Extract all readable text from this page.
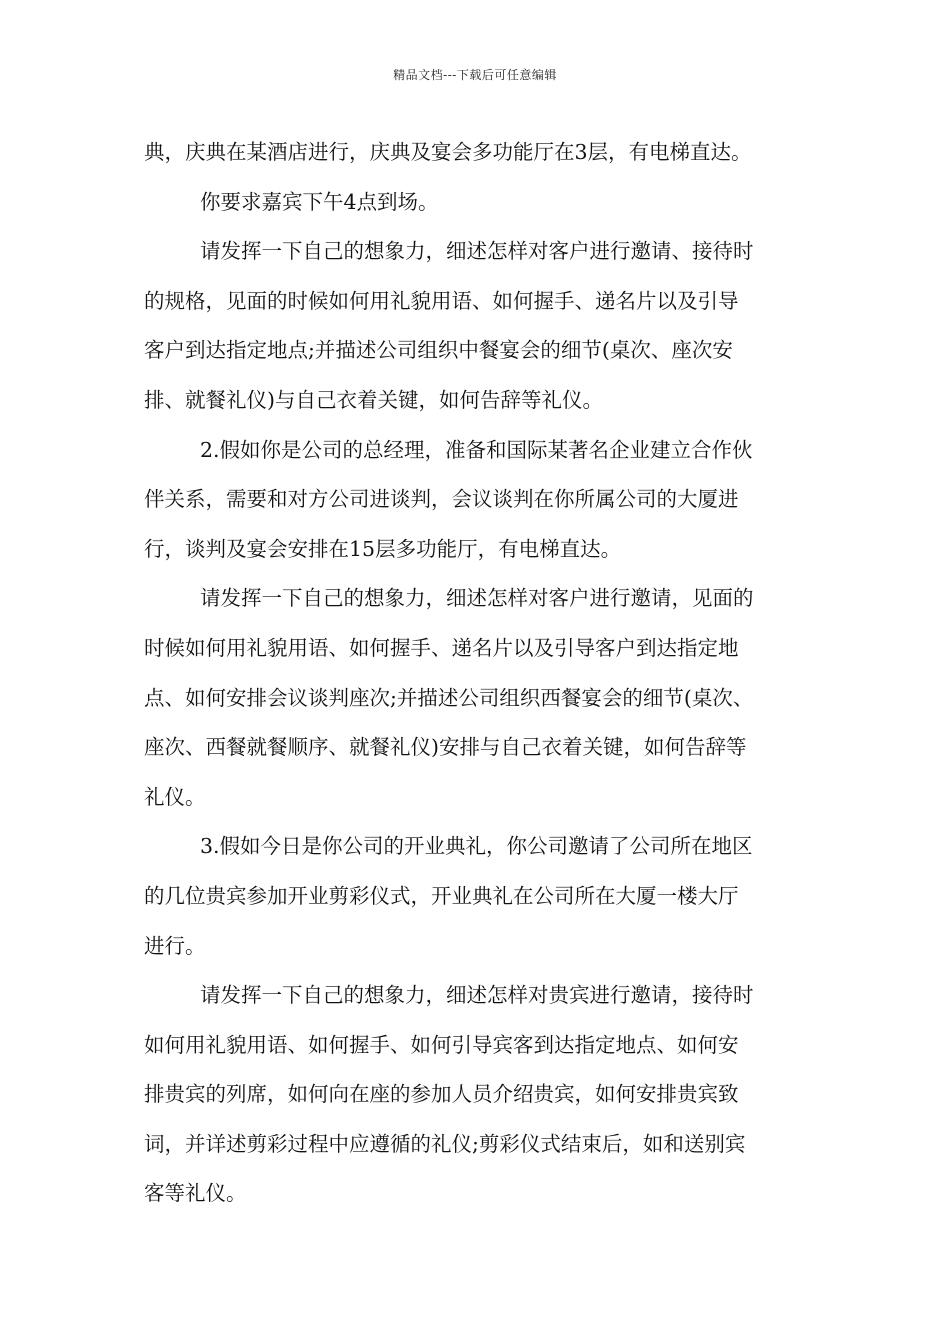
精品文档---下载后可任意编辑
典，庆典在某酒店进行，庆典及宴会多功能厅在3层，有电梯直达。
你要求嘉宾下午4点到场。
请发挥一下自己的想象力，细述怎样对客户进行邀请、接待时
的规格，见面的时候如何用礼貌用语、如何握手、递名片以及引导
客户到达指定地点;并描述公司组织中餐宴会的细节(桌次、座次安
排、就餐礼仪)与自己衣着关键，如何告辞等礼仪。
2.假如你是公司的总经理，准备和国际某著名企业建立合作伙
伴关系，需要和对方公司进谈判，会议谈判在你所属公司的大厦进
行，谈判及宴会安排在15层多功能厅，有电梯直达。
请发挥一下自己的想象力，细述怎样对客户进行邀请，见面的
时候如何用礼貌用语、如何握手、递名片以及引导客户到达指定地
点、如何安排会议谈判座次;并描述公司组织西餐宴会的细节(桌次、
座次、西餐就餐顺序、就餐礼仪)安排与自己衣着关键，如何告辞等
礼仪。
3.假如今日是你公司的开业典礼，你公司邀请了公司所在地区
的几位贵宾参加开业剪彩仪式，开业典礼在公司所在大厦一楼大厅
进行。
请发挥一下自己的想象力，细述怎样对贵宾进行邀请，接待时
如何用礼貌用语、如何握手、如何引导宾客到达指定地点、如何安
排贵宾的列席，如何向在座的参加人员介绍贵宾，如何安排贵宾致
词，并详述剪彩过程中应遵循的礼仪;剪彩仪式结束后，如和送别宾
客等礼仪。
